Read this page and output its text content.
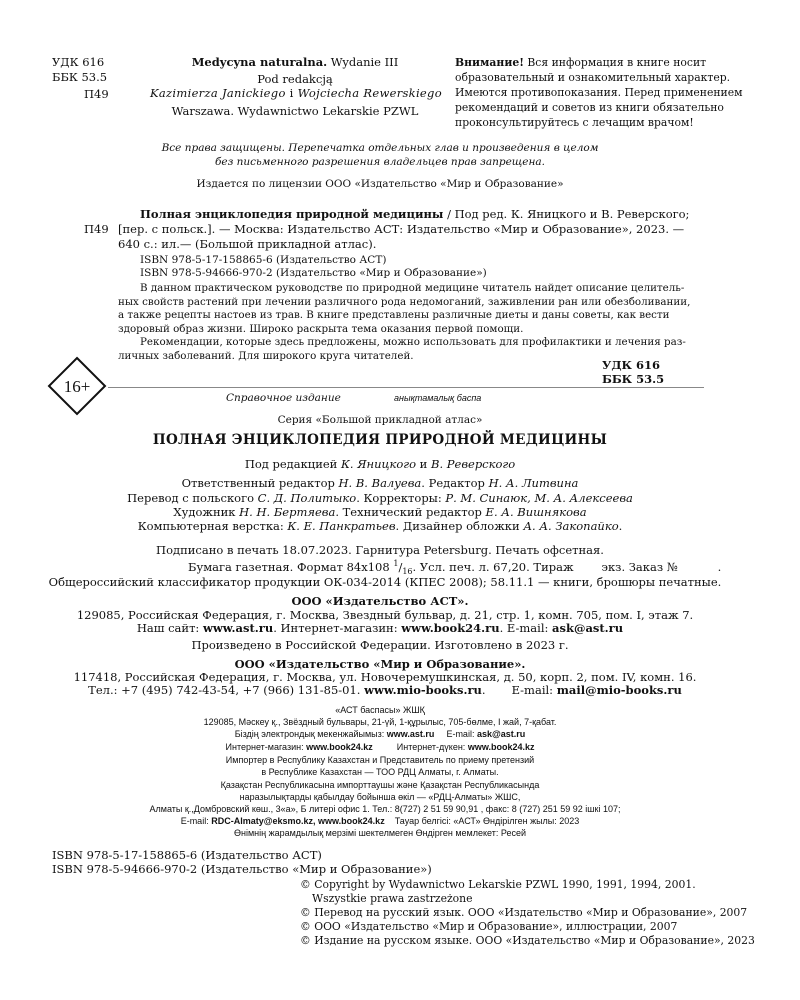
УДК 616
ББК 53.5
П49
Medycyna naturalna. Wydanie III
Pod redakcją
Kazimierza Janickiego i Wojciecha Rewerskiego
Warszawa. Wydawnictwo Lekarskie PZWL
Внимание! Вся информация в книге носит
образовательный и ознакомительный характер.
Имеются противопоказания. Перед применением
рекомендаций и советов из книги обязательно
проконсультируйтесь с лечащим врачом!
Все права защищены. Перепечатка отдельных глав и произведения в целом
без письменного разрешения владельцев прав запрещена.
Издается по лицензии ООО «Издательство «Мир и Образование»
Полная энциклопедия природной медицины / Под ред. К. Яницкого и В. Реверского;
П49 [пер. с польск.]. — Москва: Издательство АСТ: Издательство «Мир и Образование», 2023. —
640 с.: ил.— (Большой прикладной атлас).
ISBN 978-5-17-158865-6 (Издательство АСТ)
ISBN 978-5-94666-970-2 (Издательство «Мир и Образование»)
В данном практическом руководстве по природной медицине читатель найдет описание целитель-
ных свойств растений при лечении различного рода недомоганий, заживлении ран или обезболивании,
а также рецепты настоев из трав. В книге представлены различные диеты и даны советы, как вести
здоровый образ жизни. Широко раскрыта тема оказания первой помощи.
Рекомендации, которые здесь предложены, можно использовать для профилактики и лечения раз-
личных заболеваний. Для широкого круга читателей.
УДК 616
ББК 53.5
16+
Справочное издание	анықтамалық баспа
Серия «Большой прикладной атлас»
ПОЛНАЯ ЭНЦИКЛОПЕДИЯ ПРИРОДНОЙ МЕДИЦИНЫ
Под редакцией К. Яницкого и В. Реверского
Ответственный редактор Н. В. Валуева. Редактор Н. А. Литвина
Перевод с польского С. Д. Политыко. Корректоры: Р. М. Синаюк, М. А. Алексеева
Художник Н. Н. Бертяева. Технический редактор Е. А. Вишнякова
Компьютерная верстка: К. Е. Панкратьев. Дизайнер обложки А. А. Закопайко.
Подписано в печать 18.07.2023. Гарнитура Petersburg. Печать офсетная.
Бумага газетная. Формат 84х108 $^1/_{16}$. Усл. печ. л. 67,20. Тираж экз. Заказ №	.
Общероссийский классификатор продукции ОК-034-2014 (КПЕС 2008); 58.11.1 — книги, брошюры печатные.
ООО «Издательство АСТ».
129085, Российская Федерация, г. Москва, Звездный бульвар, д. 21, стр. 1, комн. 705, пом. I, этаж 7.
Наш сайт: www.ast.ru. Интернет-магазин: www.book24.ru. E-mail: ask@ast.ru
Произведено в Российской Федерации. Изготовлено в 2023 г.
ООО «Издательство «Мир и Образование».
117418, Российская Федерация, г. Москва, ул. Новочеремушкинская, д. 50, корп. 2, пом. IV, комн. 16.
Тел.: +7 (495) 742-43-54, +7 (966) 131-85-01. www.mio-books.ru. E-mail: mail@mio-books.ru
«АСТ баспасы» ЖШҚ
129085, Мәскеу қ., Звёздный бульвары, 21-үй, 1-құрылыс, 705-бөлме, I жай, 7-қабат.
Біздің электрондық мекенжайымыз: www.ast.ru E-mail: ask@ast.ru
Интернет-магазин: www.book24.kz	Интернет-дүкен: www.book24.kz
Импортер в Республику Казахстан и Представитель по приему претензий
в Республике Казахстан — ТОО РДЦ Алматы, г. Алматы.
Қазақстан Республикасына импорттаушы және Қазақстан Республикасында
наразылықтарды қабылдау бойынша өкіл — «РДЦ-Алматы» ЖШС,
Алматы қ.,Домбровский көш., 3«а», Б литері офис 1. Тел.: 8(727) 2 51 59 90,91 , факс: 8 (727) 251 59 92 ішкі 107;
E-mail: RDC-Almaty@eksmo.kz, www.book24.kz Тауар белгісі: «АСТ» Өндірілген жылы: 2023
Өнімнің жарамдылық мерзімі шектелмеген Өндірген мемлекет: Ресей
ISBN 978-5-17-158865-6 (Издательство АСТ)
ISBN 978-5-94666-970-2 (Издательство «Мир и Образование»)
© Copyright by Wydawnictwo Lekarskie PZWL 1990, 1991, 1994, 2001.
Wszystkie prawa zastrzeżone
© Перевод на русский язык. ООО «Издательство «Мир и Образование», 2007
© ООО «Издательство «Мир и Образование», иллюстрации, 2007
© Издание на русском языке. ООО «Издательство «Мир и Образование», 2023
